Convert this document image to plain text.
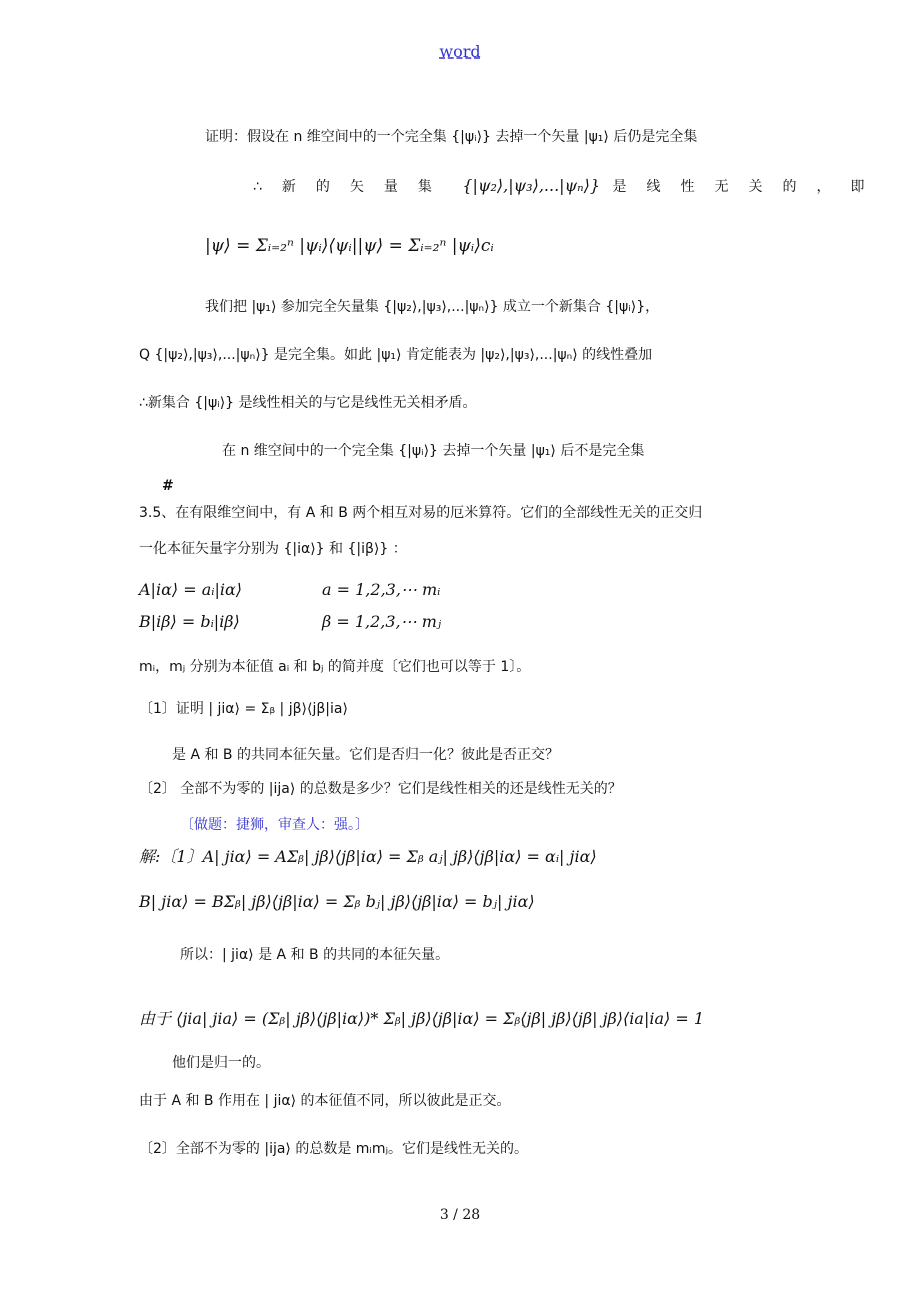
word
证明：假设在 n 维空间中的一个完全集 {|ψᵢ⟩} 去掉一个矢量 |ψ₁⟩ 后仍是完全集
∴新的矢量集 {|ψ₂⟩,|ψ₃⟩,...|ψₙ⟩} 是线性无关的，即
|ψ⟩ = Σᵢ₌₂ⁿ |ψᵢ⟩⟨ψᵢ||ψ⟩ = Σᵢ₌₂ⁿ |ψᵢ⟩cᵢ
我们把 |ψ₁⟩ 参加完全矢量集 {|ψ₂⟩,|ψ₃⟩,...|ψₙ⟩} 成立一个新集合 {|ψᵢ⟩}，
Q {|ψ₂⟩,|ψ₃⟩,...|ψₙ⟩} 是完全集。如此 |ψ₁⟩ 肯定能表为 |ψ₂⟩,|ψ₃⟩,...|ψₙ⟩ 的线性叠加
∴新集合 {|ψᵢ⟩} 是线性相关的与它是线性无关相矛盾。
在 n 维空间中的一个完全集 {|ψᵢ⟩} 去掉一个矢量 |ψ₁⟩ 后不是完全集
#
3.5、在有限维空间中，有 A 和 B 两个相互对易的厄米算符。它们的全部线性无关的正交归
一化本征矢量字分别为 {|iα⟩} 和 {|iβ⟩} ：
A|iα⟩ = aᵢ|iα⟩	a = 1,2,3,⋯ mᵢ
B|iβ⟩ = bᵢ|iβ⟩	β = 1,2,3,⋯ mⱼ
mᵢ，mⱼ 分别为本征值 aᵢ 和 bⱼ 的简并度〔它们也可以等于 1〕。
〔1〕证明 | jiα⟩ = Σᵦ | jβ⟩⟨jβ|ia⟩
是 A 和 B 的共同本征矢量。它们是否归一化？彼此是否正交？
〔2〕 全部不为零的 |ija⟩ 的总数是多少？它们是线性相关的还是线性无关的？
〔做题：捷狮，审查人：强。〕
解:〔1〕A| jiα⟩ = AΣᵦ| jβ⟩⟨jβ|iα⟩ = Σᵦ aⱼ| jβ⟩⟨jβ|iα⟩ = αᵢ| jiα⟩
B| jiα⟩ = BΣᵦ| jβ⟩⟨jβ|iα⟩ = Σᵦ bⱼ| jβ⟩⟨jβ|iα⟩ = bⱼ| jiα⟩
所以：| jiα⟩ 是 A 和 B 的共同的本征矢量。
由于 ⟨jia| jia⟩ = (Σᵦ| jβ⟩⟨jβ|iα⟩)* Σᵦ| jβ⟩⟨jβ|iα⟩ = Σᵦ⟨jβ| jβ⟩⟨jβ| jβ⟩⟨ia|ia⟩ = 1
他们是归一的。
由于 A 和 B 作用在 | jiα⟩ 的本征值不同，所以彼此是正交。
〔2〕全部不为零的 |ija⟩ 的总数是 mᵢmⱼ。它们是线性无关的。
3 / 28
